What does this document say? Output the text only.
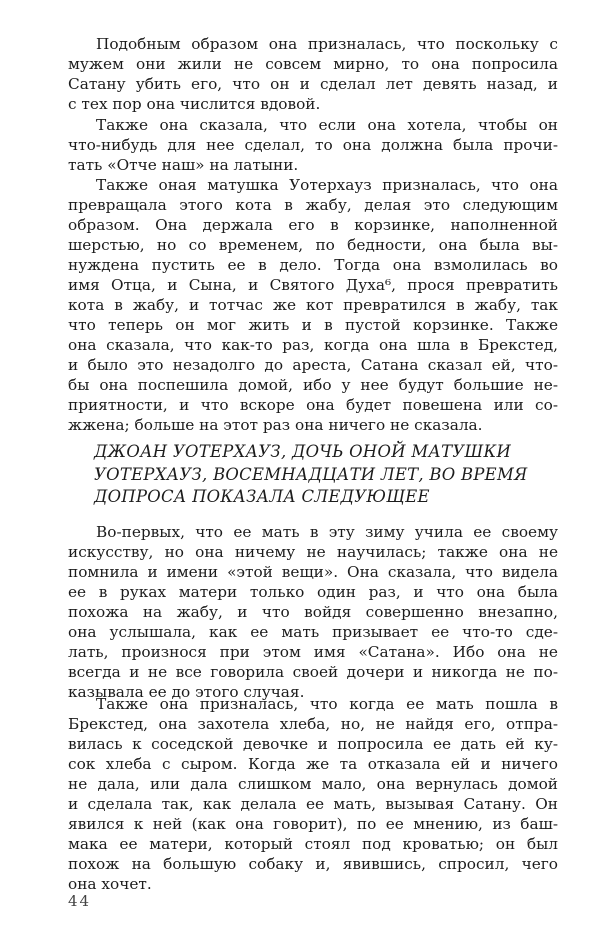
Подобным образом она призналась, что поскольку с
мужем они жили не совсем мирно, то она попросила
Сатану убить его, что он и сделал лет девять назад, и
с тех пор она числится вдовой.
Также она сказала, что если она хотела, чтобы он
что-нибудь для нее сделал, то она должна была прочи-
тать «Отче наш» на латыни.
Также оная матушка Уотерхауз призналась, что она
превращала этого кота в жабу, делая это следующим
образом. Она держала его в корзинке, наполненной
шерстью, но со временем, по бедности, она была вы-
нуждена пустить ее в дело. Тогда она взмолилась во
имя Отца, и Сына, и Святого Духа⁶, прося превратить
кота в жабу, и тотчас же кот превратился в жабу, так
что теперь он мог жить и в пустой корзинке. Также
она сказала, что как-то раз, когда она шла в Брекстед,
и было это незадолго до ареста, Сатана сказал ей, что-
бы она поспешила домой, ибо у нее будут большие не-
приятности, и что вскоре она будет повешена или со-
жжена; больше на этот раз она ничего не сказала.
ДЖОАН УОТЕРХАУЗ, ДОЧЬ ОНОЙ МАТУШКИ
УОТЕРХАУЗ, ВОСЕМНАДЦАТИ ЛЕТ, ВО ВРЕМЯ
ДОПРОСА ПОКАЗАЛА СЛЕДУЮЩЕЕ
Во-первых, что ее мать в эту зиму учила ее своему
искусству, но она ничему не научилась; также она не
помнила и имени «этой вещи». Она сказала, что видела
ее в руках матери только один раз, и что она была
похожа на жабу, и что войдя совершенно внезапно,
она услышала, как ее мать призывает ее что-то сде-
лать, произнося при этом имя «Сатана». Ибо она не
всегда и не все говорила своей дочери и никогда не по-
казывала ее до этого случая.
Также она призналась, что когда ее мать пошла в
Брекстед, она захотела хлеба, но, не найдя его, отпра-
вилась к соседской девочке и попросила ее дать ей ку-
сок хлеба с сыром. Когда же та отказала ей и ничего
не дала, или дала слишком мало, она вернулась домой
и сделала так, как делала ее мать, вызывая Сатану. Он
явился к ней (как она говорит), по ее мнению, из баш-
мака ее матери, который стоял под кроватью; он был
похож на большую собаку и, явившись, спросил, чего
она хочет.
44
